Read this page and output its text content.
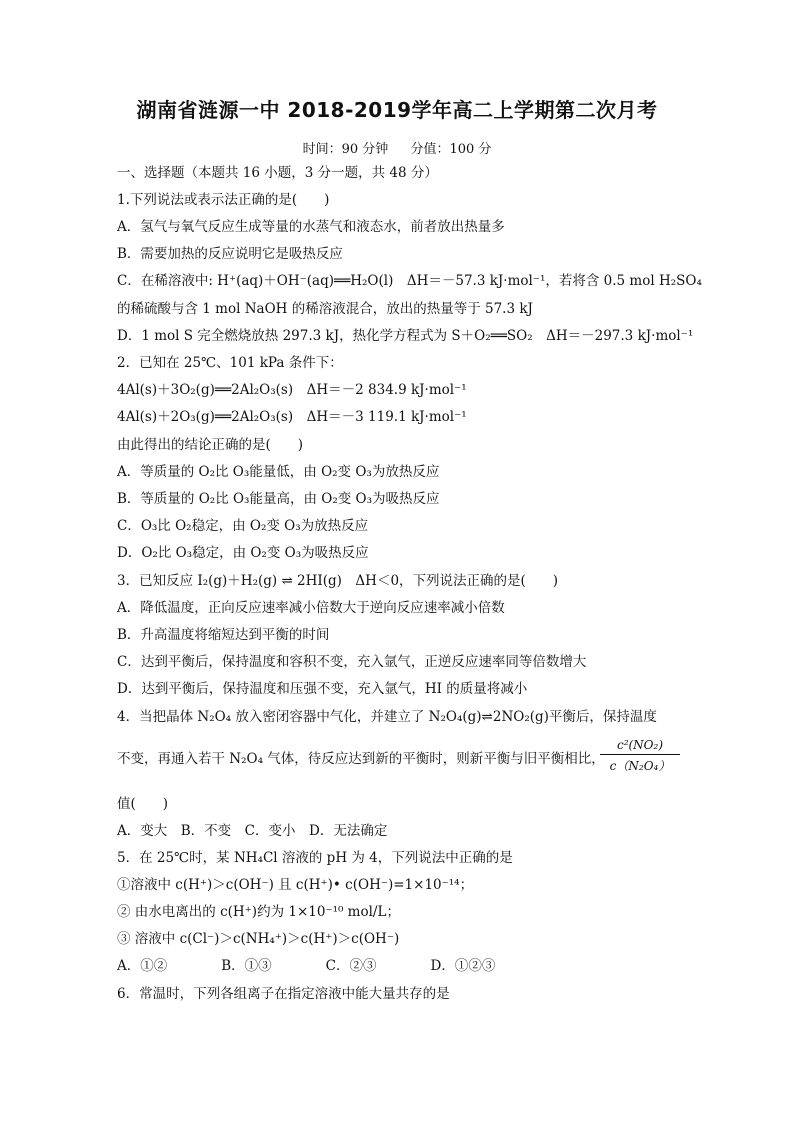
湖南省涟源一中 2018-2019学年高二上学期第二次月考
时间：90 分钟 分值：100 分
一、选择题（本题共 16 小题，3 分一题，共 48 分）
1.下列说法或表示法正确的是(　　)
A．氢气与氧气反应生成等量的水蒸气和液态水，前者放出热量多
B．需要加热的反应说明它是吸热反应
C．在稀溶液中: H⁺(aq)＋OH⁻(aq)══H₂O(l)　ΔH＝－57.3 kJ·mol⁻¹，若将含 0.5 mol H₂SO₄
的稀硫酸与含 1 mol NaOH 的稀溶液混合，放出的热量等于 57.3 kJ
D．1 mol S 完全燃烧放热 297.3 kJ，热化学方程式为 S＋O₂══SO₂　ΔH＝－297.3 kJ·mol⁻¹
2．已知在 25℃、101 kPa 条件下：
4Al(s)＋3O₂(g)══2Al₂O₃(s)　ΔH＝－2 834.9 kJ·mol⁻¹
4Al(s)＋2O₃(g)══2Al₂O₃(s)　ΔH＝－3 119.1 kJ·mol⁻¹
由此得出的结论正确的是(　　)
A．等质量的 O₂比 O₃能量低，由 O₂变 O₃为放热反应
B．等质量的 O₂比 O₃能量高，由 O₂变 O₃为吸热反应
C．O₃比 O₂稳定，由 O₂变 O₃为放热反应
D．O₂比 O₃稳定，由 O₂变 O₃为吸热反应
3．已知反应 I₂(g)＋H₂(g) ⇌ 2HI(g)　ΔH＜0，下列说法正确的是(　　)
A．降低温度，正向反应速率减小倍数大于逆向反应速率减小倍数
B．升高温度将缩短达到平衡的时间
C．达到平衡后，保持温度和容积不变，充入氩气，正逆反应速率同等倍数增大
D．达到平衡后，保持温度和压强不变，充入氩气，HI 的质量将减小
4．当把晶体 N₂O₄ 放入密闭容器中气化，并建立了 N₂O₄(g)⇌2NO₂(g)平衡后，保持温度
不变，再通入若干 N₂O₄ 气体，待反应达到新的平衡时，则新平衡与旧平衡相比，
$\frac{\text{c²(NO₂)}}{\text{c（N₂O₄）}}$
值(　　)
A．变大　B．不变　C．变小　D．无法确定
5．在 25℃时，某 NH₄Cl 溶液的 pH 为 4，下列说法中正确的是
①溶液中 c(H⁺)＞c(OH⁻) 且 c(H⁺)• c(OH⁻)=1×10⁻¹⁴；
② 由水电离出的 c(H⁺)约为 1×10⁻¹⁰ mol/L；
③ 溶液中 c(Cl⁻)＞c(NH₄⁺)＞c(H⁺)＞c(OH⁻)
A．①②　　　　B．①③　　　　C．②③　　　　D．①②③
6．常温时，下列各组离子在指定溶液中能大量共存的是
